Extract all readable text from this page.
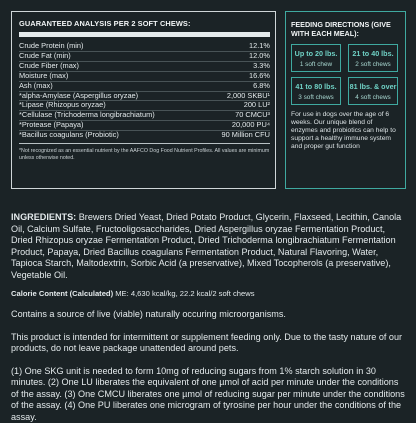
GUARANTEED ANALYSIS PER 2 SOFT CHEWS:
Crude Protein (min)	12.1%
Crude Fat (min)	12.0%
Crude Fiber (max)	3.3%
Moisture (max)	16.6%
Ash (max)	6.8%
*alpha-Amylase (Aspergillus oryzae)	2,000 SKBU¹
*Lipase (Rhizopus oryzae)	200 LU²
*Cellulase (Trichoderma longibrachiatum)	70 CMCU³
*Protease (Papaya)	20,000 PU⁴
*Bacillus coagulans (Probiotic)	90 Million CFU
*Not recognized as an essential nutrient by the AAFCO Dog Food Nutrient Profiles. All values are minimum unless otherwise noted.
FEEDING DIRECTIONS (GIVE WITH EACH MEAL):
Up to 20 lbs.
1 soft chew
21 to 40 lbs.
2 soft chews
41 to 80 lbs.
3 soft chews
81 lbs. & over
4 soft chews
For use in dogs over the age of 6 weeks. Our unique blend of enzymes and probiotics can help to support a healthy immune system and proper gut function

INGREDIENTS: Brewers Dried Yeast, Dried Potato Product, Glycerin, Flaxseed, Lecithin, Canola Oil, Calcium Sulfate, Fructooligosaccharides, Dried Aspergillus oryzae Fermentation Product, Dried Rhizopus oryzae Fermentation Product, Dried Trichoderma longibrachiatum Fermentation Product, Papaya, Dried Bacillus coagulans Fermentation Product, Natural Flavoring, Water, Tapioca Starch, Maltodextrin, Sorbic Acid (a preservative), Mixed Tocopherols (a preservative), Vegetable Oil.

Calorie Content (Calculated) ME: 4,630 kcal/kg, 22.2 kcal/2 soft chews
Contains a source of live (viable) naturally occuring microorganisms.
This product is intended for intermittent or supplement feeding only. Due to the tasty nature of our products, do not leave package unattended around pets.
(1) One SKG unit is needed to form 10mg of reducing sugars from 1% starch solution in 30 minutes. (2) One LU liberates the equivalent of one µmol of acid per minute under the conditions of the assay. (3) One CMCU liberates one µmol of reducing sugar per minute under the conditions of the assay. (4) One PU liberates one microgram of tyrosine per hour under the conditions of the assay.
